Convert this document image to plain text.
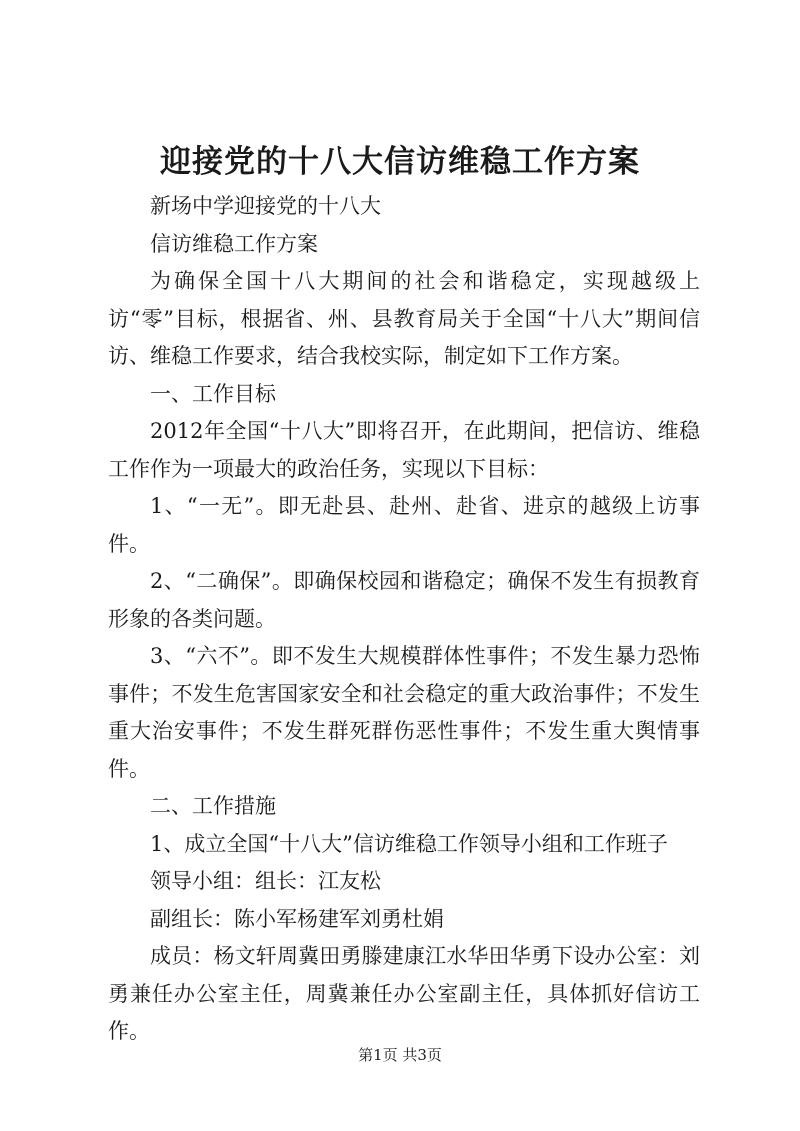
迎接党的十八大信访维稳工作方案

新场中学迎接党的十八大

信访维稳工作方案

为确保全国十八大期间的社会和谐稳定，实现越级上访“零”目标，根据省、州、县教育局关于全国“十八大”期间信访、维稳工作要求，结合我校实际，制定如下工作方案。

一、工作目标

2012年全国“十八大”即将召开，在此期间，把信访、维稳工作作为一项最大的政治任务，实现以下目标：

1、“一无”。即无赴县、赴州、赴省、进京的越级上访事件。

2、“二确保”。即确保校园和谐稳定；确保不发生有损教育形象的各类问题。

3、“六不”。即不发生大规模群体性事件；不发生暴力恐怖事件；不发生危害国家安全和社会稳定的重大政治事件；不发生重大治安事件；不发生群死群伤恶性事件；不发生重大舆情事件。

二、工作措施

1、成立全国“十八大”信访维稳工作领导小组和工作班子

领导小组：组长：江友松

副组长：陈小军杨建军刘勇杜娟

成员：杨文轩周冀田勇滕建康江水华田华勇下设办公室：刘勇兼任办公室主任，周冀兼任办公室副主任，具体抓好信访工作。

第1页 共3页
